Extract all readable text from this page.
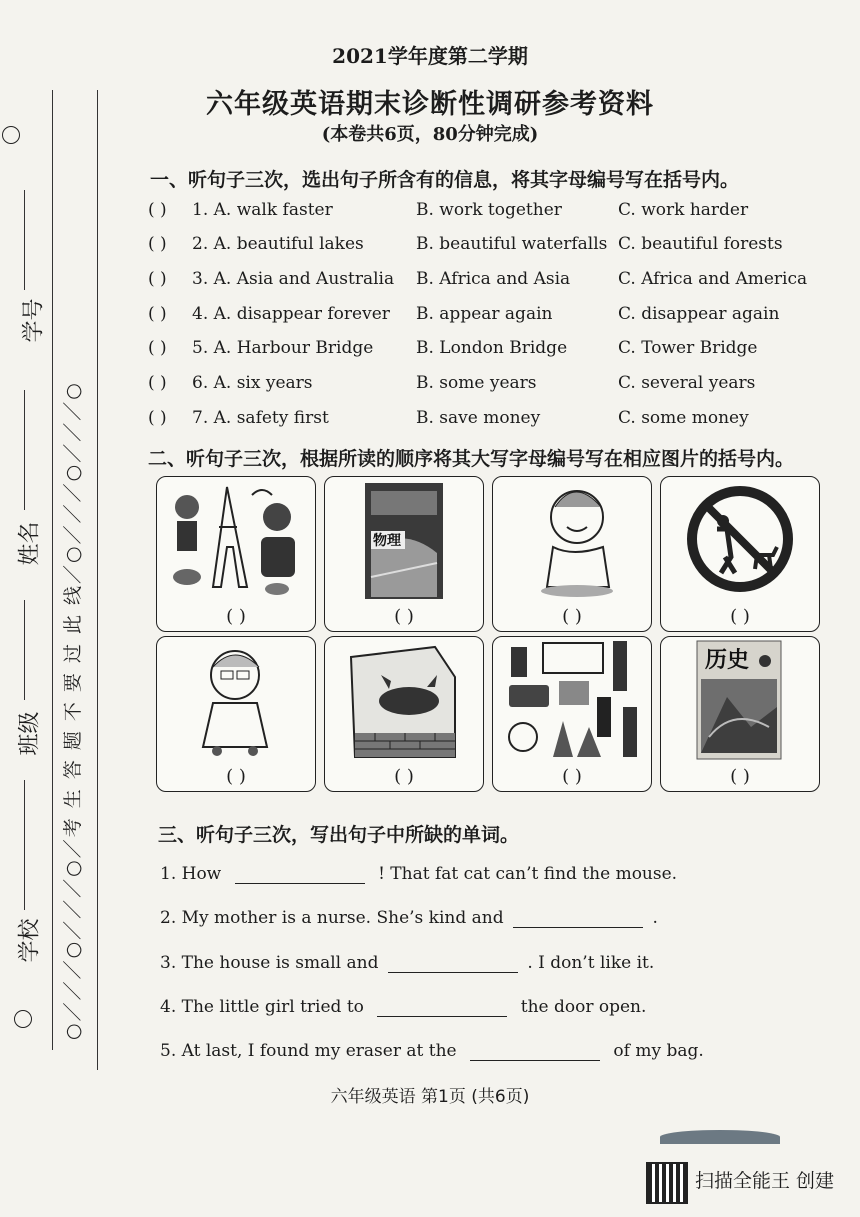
学号
姓名
班级
学校 ○／／／○／／／○／考 生 答 题 不 要 过 此 线／○／／／○／／／○
2021学年度第二学期
六年级英语期末诊断性调研参考资料
(本卷共6页，80分钟完成)
一、听句子三次，选出句子所含有的信息，将其字母编号写在括号内。
( ) 1. A. walk faster	B. work together	C. work harder
( ) 2. A. beautiful lakes	B. beautiful waterfalls C. beautiful forests
( ) 3. A. Asia and Australia B. Africa and Asia	C. Africa and America
( ) 4. A. disappear forever B. appear again	C. disappear again
( ) 5. A. Harbour Bridge	B. London Bridge	C. Tower Bridge
( ) 6. A. six years	B. some years	C. several years
( ) 7. A. safety first	B. save money	C. some money
二、听句子三次，根据所读的顺序将其大写字母编号写在相应图片的括号内。
( )
物理
( )	( )	( )
( )	( )	( )
历史
( )
三、听句子三次，写出句子中所缺的单词。
1. How	! That fat cat can’t find the mouse.
2. My mother is a nurse. She’s kind and	.
3. The house is small and	. I don’t like it.
4. The little girl tried to	the door open.
5. At last, I found my eraser at the	of my bag.
六年级英语 第1页 (共6页)
扫描全能王 创建
